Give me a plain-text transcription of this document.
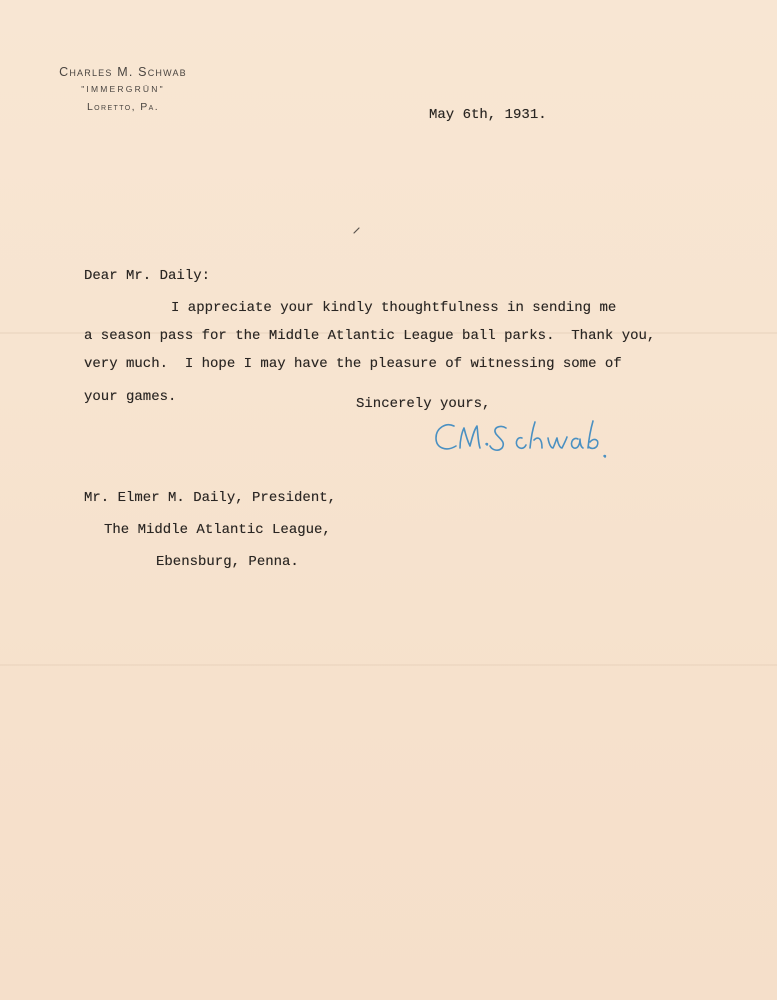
Charles M. Schwab
"IMMERGRÜN"
Loretto, Pa.	May 6th, 1931.
Dear Mr. Daily:
I appreciate your kindly thoughtfulness in sending me
a season pass for the Middle Atlantic League ball parks.  Thank you,
very much.  I hope I may have the pleasure of witnessing some of
your games.	Sincerely yours,
Mr. Elmer M. Daily, President,
The Middle Atlantic League,
Ebensburg, Penna.
